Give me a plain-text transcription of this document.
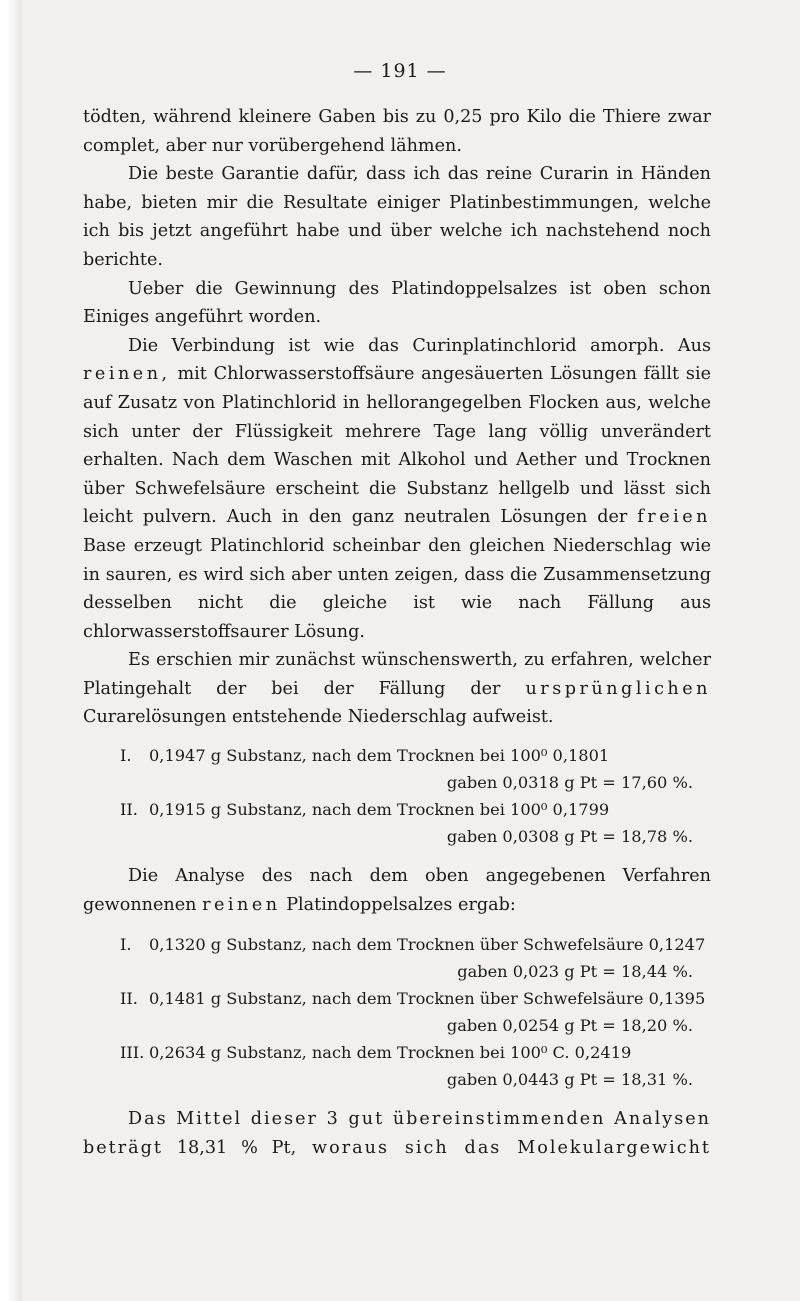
— 191 —

tödten, während kleinere Gaben bis zu 0,25 pro Kilo die Thiere zwar complet, aber nur vorübergehend lähmen.

Die beste Garantie dafür, dass ich das reine Curarin in Händen habe, bieten mir die Resultate einiger Platinbestimmungen, welche ich bis jetzt angeführt habe und über welche ich nachstehend noch berichte.

Ueber die Gewinnung des Platindoppelsalzes ist oben schon Einiges angeführt worden.

Die Verbindung ist wie das Curinplatinchlorid amorph. Aus reinen, mit Chlorwasserstoffsäure angesäuerten Lösungen fällt sie auf Zusatz von Platinchlorid in hellorangegelben Flocken aus, welche sich unter der Flüssigkeit mehrere Tage lang völlig unverändert erhalten. Nach dem Waschen mit Alkohol und Aether und Trocknen über Schwefelsäure erscheint die Substanz hellgelb und lässt sich leicht pulvern. Auch in den ganz neutralen Lösungen der freien Base erzeugt Platinchlorid scheinbar den gleichen Niederschlag wie in sauren, es wird sich aber unten zeigen, dass die Zusammensetzung desselben nicht die gleiche ist wie nach Fällung aus chlorwasserstoffsaurer Lösung.

Es erschien mir zunächst wünschenswerth, zu erfahren, welcher Platingehalt der bei der Fällung der ursprünglichen Curarelösungen entstehende Niederschlag aufweist.

I. 0,1947 g Substanz, nach dem Trocknen bei 100⁰ 0,1801
gaben 0,0318 g Pt = 17,60 %.
II. 0,1915 g Substanz, nach dem Trocknen bei 100⁰ 0,1799
gaben 0,0308 g Pt = 18,78 %.

Die Analyse des nach dem oben angegebenen Verfahren gewonnenen reinen Platindoppelsalzes ergab:

I. 0,1320 g Substanz, nach dem Trocknen über Schwefelsäure 0,1247
gaben 0,023 g Pt = 18,44 %.
II. 0,1481 g Substanz, nach dem Trocknen über Schwefelsäure 0,1395
gaben 0,0254 g Pt = 18,20 %.
III. 0,2634 g Substanz, nach dem Trocknen bei 100⁰ C. 0,2419
gaben 0,0443 g Pt = 18,31 %.

Das Mittel dieser 3 gut übereinstimmenden Analysen beträgt 18,31 % Pt, woraus sich das Molekulargewicht
